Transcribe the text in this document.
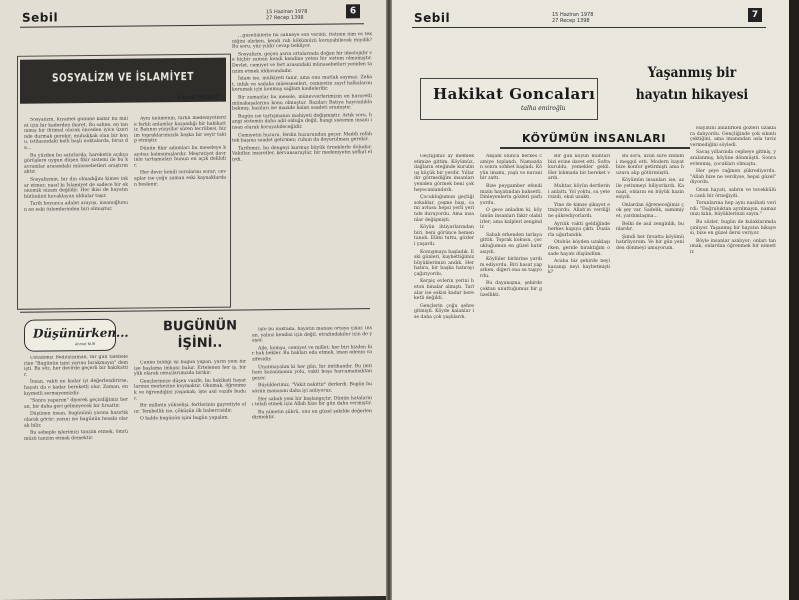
Sebil	15 Haziran 1978
27 Recep 1398
6
SOSYALİZM VE İSLAMİYET
Cemil MERİÇ

Sosyalizm, Kıyamet gününe kadar bu millet için bir kaderden ibaret, Bu sahne, en tanınmış bir ihtimal olarak önceden iyice üzerinde durmak gerekir, muhakkak olan bir konu, istilasındaki belli başlı noktalarda, biraz da...

Bu yüzden bu satırlarda, hareketin açıkça görüşlere uygun düşen fikir sistemi ile bu kavramlar arasındaki münasebetleri araştırmaktır.

Sosyalizmin, bir din olmadığını kimse inkar etmez; nasıl ki İslamiyet de sadece bir ekonomik nizam değildir. Her ikisi de hayatın bütününü kucaklayan iddialar taşır.

Tarih boyunca adalet arayışı, insanoğlunun en eski özlemlerinden biri olmuştur.

Aynı kelimenin, farklı medeniyetlerde farklı anlamlar kazandığı bir hakikattir. Batının yüzyıllar süren tecrübesi, bizim topraklarımızda başka bir seyir takip etmiştir.

Dünün fikir adamları bu meseleye kayıtsız kalmamışlardır. Meşrutiyet devrinin tartışmaları bunun en açık delilidir.

Her devir kendi sorularını sorar; cevaplar ise çoğu zaman eski kaynaklardan beslenir.

...güzelliklerle bu sahneye son verildi. Batının ilim ve tekniğini alırken, kendi ruh kökümüzü koruyabilecek miydik? Bu soru, yüz yıldır cevap bekliyor.

Sosyalizm, geçen asrın ortalarında doğan bir ideolojidir ve hiçbir zaman kendi kendine yeten bir sistem olmamıştır. Devlet, cemiyet ve fert arasındaki münasebetleri yeniden tanzim etmek iddiasındadır.

İslam ise, mülkiyeti tanır, ama onu mutlak saymaz. Zekat, infak ve sadaka müesseseleri, cemiyetin zayıf halkalarını korumak için konmuş sağlam kaidelerdir.

Bir zamanlar bu mesele, münevverlerimizin en hararetli münakaşalarına konu olmuştur. Bazıları Batıya hayranlıkla bakmış, bazıları ise mazide kalan saadeti aramıştır.

Bugün ise tartışmanın mahiyeti değişmiştir. Artık soru, hangi sistemin daha adil olduğu değil, hangi sistemin insanı insan olarak koruyabileceğidir.

Cemiyetin huzuru, ferdin huzurundan geçer. Maddi refah tek başına saadet getirmez; ruhun da doyurulması gerekir.

Tarihimiz, bu dengeyi kurmuş büyük örneklerle doludur. Vakıflar, imaretler, kervansaraylar, bir medeniyetin şefkat eliydi.

Düşünürken...
Ahmet NUR
BUGÜNÜN İŞİNİ..

Üstadımız Bediüzzaman, bir gün talebelerine "Bugünün işini yarına bırakmayın" demişti. Bu söz, her devirde geçerli bir hakikattir.

İnsan, vakti ne kadar iyi değerlendirirse, hayatı da o kadar bereketli olur. Zaman, en kıymetli sermayemizdir.

"Sonra yaparım" diyerek geçirdiğimiz her an, bir daha geri gelmeyecek bir fırsattır.

Düşünen insan, bugününü yarına hazırlık olarak görür; yarını ise bugünün hesabı olarak bilir.

Bu sebeple işlerimizi tanzim etmek, ömrümüzü tanzim etmek demektir.

Çünkü bildiği işi bugün yapan, yarın yeni bir işe başlama imkanı bulur. Ertelenen her iş, bir yük olarak omuzlarımızda birikir.

Gençlerimize düşen vazife, bu hakikati hayatlarının merkezine koymaktır. Okumak, öğrenmek ve öğrendiğini yaşamak; işte asıl vazife budur.

Bir milletin yükselişi, fertlerinin gayretiyle olur. Tembellik ise, çöküşün ilk habercisidir.

O halde bugünün işini bugün yapalım.

İşte bu noktada, hayatın manası ortaya çıkar. İnsan, yalnız kendisi için değil, etrafındakiler için de yaşar.

Aile, komşu, cemiyet ve millet; her biri bizden bir hak bekler. Bu hakları eda etmek, iman edenin vazifesidir.

Unutmayalım ki her gün, bir imtihandır. Bu imtihanı kazanmanın yolu, vakti boşa harcamamaktan geçer.

Büyüklerimiz, "Vakit nakittir" derlerdi. Bugün bu sözün manasını daha iyi anlıyoruz.

Her sabah yeni bir başlangıçtır. Dünün hatalarını telafi etmek için Allah bize bir gün daha vermiştir.

Bu nimetin şükrü, onu en güzel şekilde değerlendirmektir.

Sebil	15 Haziran 1978
27 Recep 1398
7
Hakikat Goncaları
talha emiroğlu
Yaşanmış bir hayatın hikayesi
KÖYÜMÜN İNSANLARI

Geçtiğimiz ay memleketimize gittim. Köyümüz, dağların eteğinde kurulmuş küçük bir yerdir. Yıllardır görmediğim insanları yeniden görmek beni çok heyecanlandırdı.

Çocukluğumun geçtiği sokaklar, çeşme başı, cami avlusu hepsi yerli yerinde duruyordu. Ama insanlar değişmişti.

Köyün ihtiyarlarından biri, beni görünce hemen tanıdı. Elimi tuttu, gözleri yaşardı.

Konuşmaya başladık. Eski günleri, kaybettiğimiz büyüklerimizi andık. Her hatıra, bir başka hatırayı çağırıyordu.

Kerpiç evlerin yerini beton binalar almıştı. Tarlalar ise eskisi kadar bereketli değildi.

Gençlerin çoğu şehre gitmişti. Köyde kalanlar ise daha çok yaşlılardı.

Akşam olunca herkes camiye toplandı. Namazdan sonra sohbet başladı. Köyün imamı, yaşlı ve nurani bir zattı.

Bize peygamber efendimizin hayatından bahsetti. Dinleyenlerin gözleri parlıyordu.

O gece anladım ki, köyümün insanları fakir olabilirler; ama kalpleri zengindir.

Sabah erkenden tarlaya gittik. Toprak kokusu, çocukluğumun en güzel hatırasıydı.

Köylüler birbirine yardım ediyordu. Biri hasat yaparken, diğeri ona su taşıyordu.

Bu dayanışma, şehirde çoktan unuttuğumuz bir güzellikti.

Bir gün köyün muhtarı bizi evine davet etti. Sofra kuruldu, yemekler geldi. Her lokmada bir bereket vardı.

Muhtar, köyün dertlerini anlattı. Yol yoktu, su yetersizdi, okul uzaktı.

Yine de kimse şikayet etmiyordu. Allah'ın verdiğine şükrediyorlardı.

Ayrılık vakti geldiğinde herkes kapıya çıktı. Dualarla uğurlandık.

Otobüs köyden uzaklaşırken, geride bıraktığım o sade hayatı düşündüm.

Acaba biz şehirde neyi kazanıp neyi kaybetmiştik?

Bu soru, uzun süre zihnimi meşgul etti. Modern hayat bize konfor getirmişti ama huzuru alıp götürmüştü.

Köyümün insanları ise, az ile yetinmeyi biliyorlardı. Kanaat, onların en büyük hazinesiydi.

Onlardan öğreneceğimiz çok şey var. Sadelik, samimiyet, yardımlaşma...

Belki de asıl zenginlik, bunlardır.

Şimdi her fırsatta köyümü hatırlıyorum. Ve bir gün yeniden dönmeyi umuyorum.

Hayatını anlatırken gözleri uzaklara dalıyordu. Gençliğinde çok sıkıntı çektiğini, ama imanından asla taviz vermediğini söyledi.

Savaş yıllarında cepheye gitmiş, yaralanmış, köyüne dönmüştü. Sonra evlenmiş, çocukları olmuştu.

Her şeye rağmen şükrediyordu. "Allah bize ne verdiyse, hepsi güzel" diyordu.

Onun hayatı, sabrın ve tevekkülün canlı bir örneğiydi.

Torunlarına hep aynı nasihati verirdi: "Doğruluktan ayrılmayın, namazınızı kılın, büyüklerinizi sayın."

Bu sözler, bugün de kulaklarımda çınlıyor. Yaşanmış bir hayatın hikayesi, bize en güzel dersi veriyor.

Böyle insanlar azalıyor; onları tanımak, onlardan öğrenmek bir nimettir.
